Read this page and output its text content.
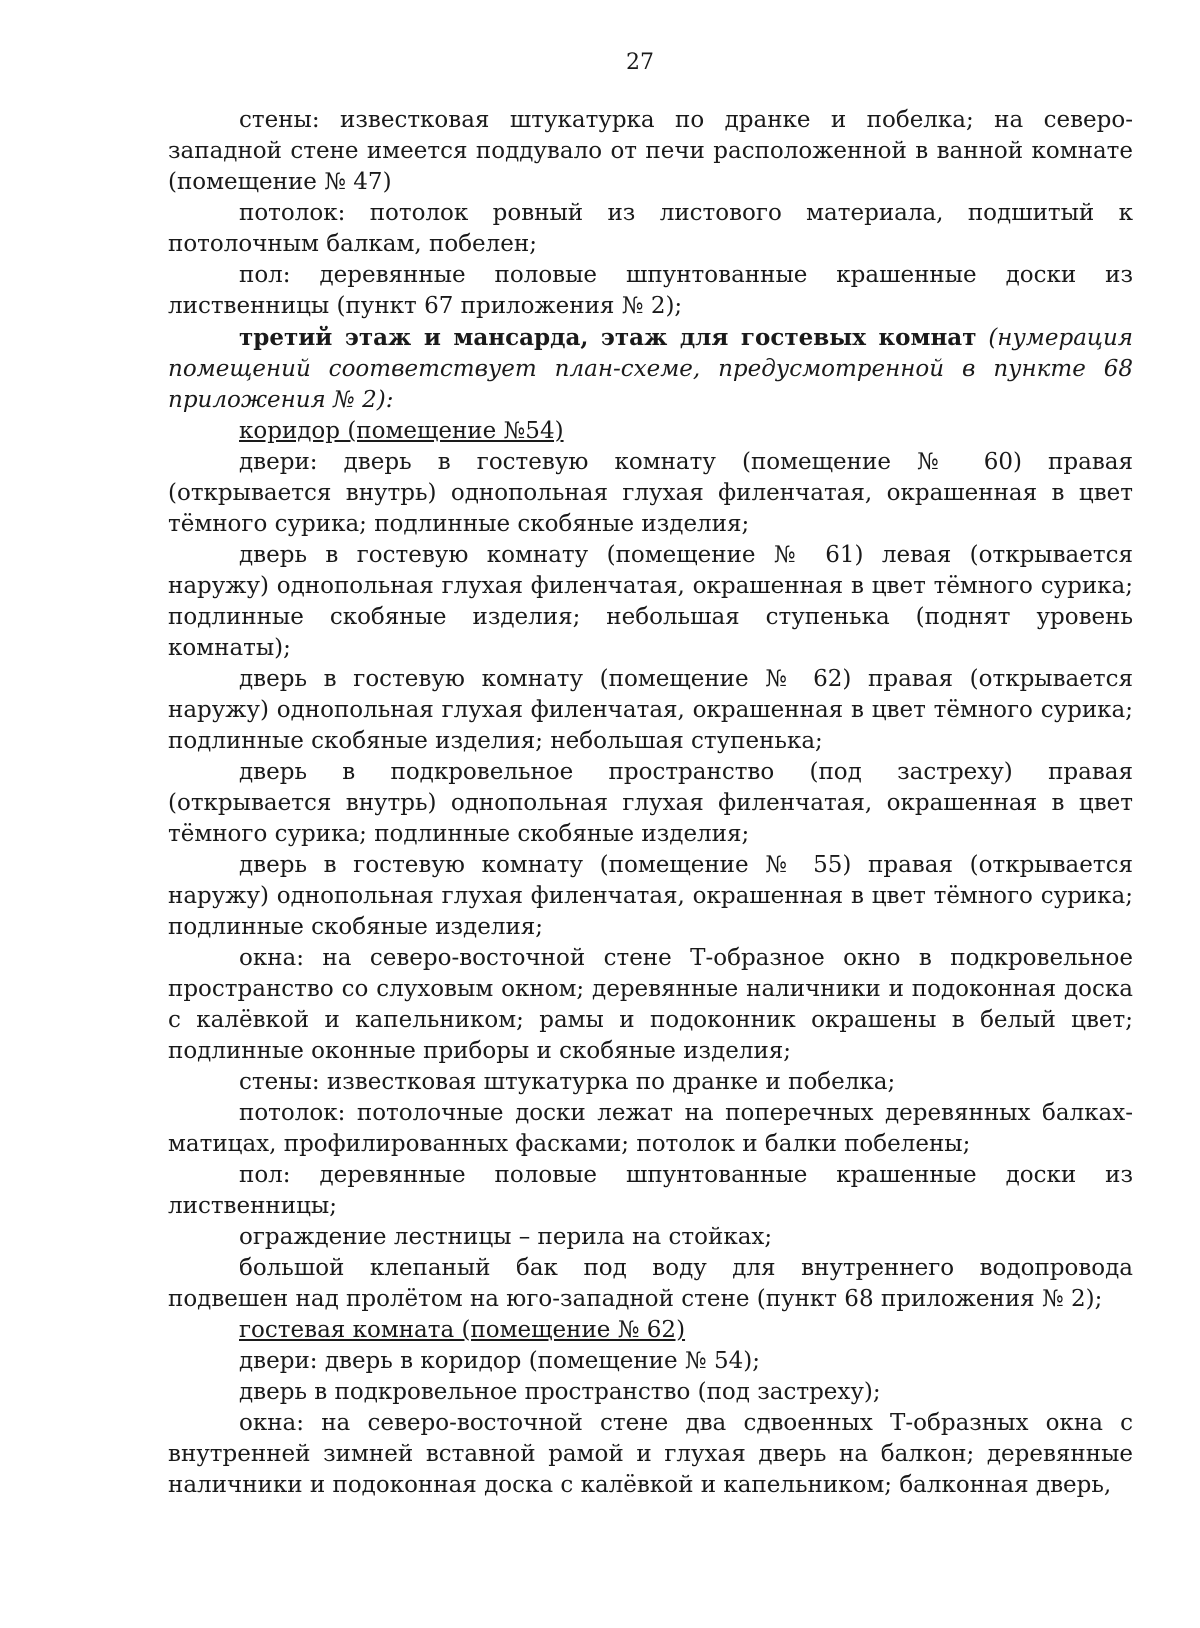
27

стены: известковая штукатурка по дранке и побелка; на северо-западной стене имеется поддувало от печи расположенной в ванной комнате (помещение № 47)

потолок: потолок ровный из листового материала, подшитый к потолочным балкам, побелен;

пол: деревянные половые шпунтованные крашенные доски из лиственницы (пункт 67 приложения № 2);

третий этаж и мансарда, этаж для гостевых комнат (нумерация помещений соответствует план-схеме, предусмотренной в пункте 68 приложения № 2):

коридор (помещение №54)

двери: дверь в гостевую комнату (помещение № 60) правая (открывается внутрь) однопольная глухая филенчатая, окрашенная в цвет тёмного сурика; подлинные скобяные изделия;

дверь в гостевую комнату (помещение № 61) левая (открывается наружу) однопольная глухая филенчатая, окрашенная в цвет тёмного сурика; подлинные скобяные изделия; небольшая ступенька (поднят уровень комнаты);

дверь в гостевую комнату (помещение № 62) правая (открывается наружу) однопольная глухая филенчатая, окрашенная в цвет тёмного сурика; подлинные скобяные изделия; небольшая ступенька;

дверь в подкровельное пространство (под застреху) правая (открывается внутрь) однопольная глухая филенчатая, окрашенная в цвет тёмного сурика; подлинные скобяные изделия;

дверь в гостевую комнату (помещение № 55) правая (открывается наружу) однопольная глухая филенчатая, окрашенная в цвет тёмного сурика; подлинные скобяные изделия;

окна: на северо-восточной стене Т-образное окно в подкровельное пространство со слуховым окном; деревянные наличники и подоконная доска с калёвкой и капельником; рамы и подоконник окрашены в белый цвет; подлинные оконные приборы и скобяные изделия;

стены: известковая штукатурка по дранке и побелка;

потолок: потолочные доски лежат на поперечных деревянных балках-матицах, профилированных фасками; потолок и балки побелены;

пол: деревянные половые шпунтованные крашенные доски из лиственницы;

ограждение лестницы – перила на стойках;

большой клепаный бак под воду для внутреннего водопровода подвешен над пролётом на юго-западной стене (пункт 68 приложения № 2);

гостевая комната (помещение № 62)

двери: дверь в коридор (помещение № 54);

дверь в подкровельное пространство (под застреху);

окна: на северо-восточной стене два сдвоенных Т-образных окна с внутренней зимней вставной рамой и глухая дверь на балкон; деревянные наличники и подоконная доска с калёвкой и капельником; балконная дверь,
